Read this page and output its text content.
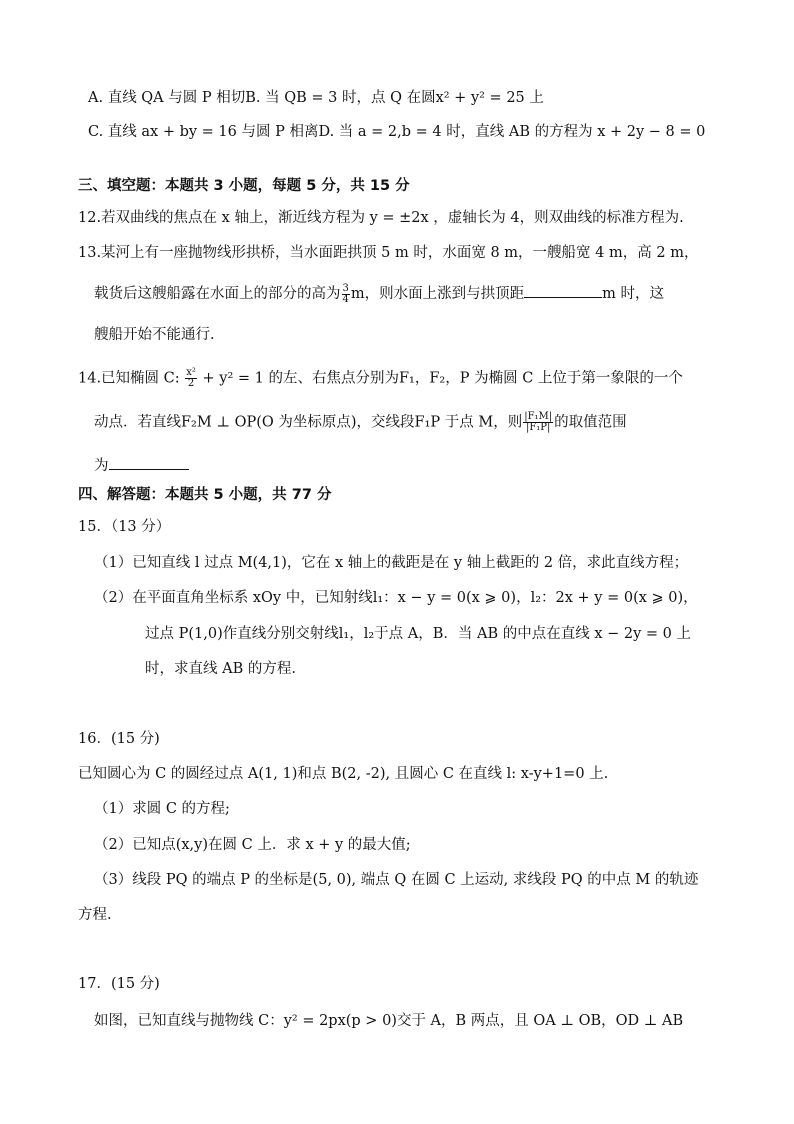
A. 直线 QA 与圆 P 相切B. 当 QB = 3 时，点 Q 在圆x² + y² = 25 上
C. 直线 ax + by = 16 与圆 P 相离D. 当 a = 2,b = 4 时，直线 AB 的方程为 x + 2y − 8 = 0
三、填空题：本题共 3 小题，每题 5 分，共 15 分
12.若双曲线的焦点在 x 轴上，渐近线方程为 y = ±2x ，虚轴长为 4，则双曲线的标准方程为.
13.某河上有一座抛物线形拱桥，当水面距拱顶 5 m 时，水面宽 8 m，一艘船宽 4 m，高 2 m，
载货后这艘船露在水面上的部分的高为 $\frac{3}{4}$ m，则水面上涨到与拱顶距	m 时，这
艘船开始不能通行.
14.已知椭圆 C: $\frac{\text{x²}}{2} + y^2 = 1$ 的左、右焦点分别为F₁，F₂，P 为椭圆 C 上位于第一象限的一个
动点．若直线F₂M ⊥ OP(O 为坐标原点)，交线段F₁P 于点 M，则 $\frac{\text{|F₁M|}}{\text{|F₁P|}}$ 的取值范围
为
四、解答题：本题共 5 小题，共 77 分
15．（13 分）
（1）已知直线 l 过点 M(4,1)，它在 x 轴上的截距是在 y 轴上截距的 2 倍，求此直线方程；
（2）在平面直角坐标系 xOy 中，已知射线l₁：x − y = 0(x ⩾ 0)，l₂：2x + y = 0(x ⩾ 0)，
过点 P(1,0)作直线分别交射线l₁，l₂于点 A，B．当 AB 的中点在直线 x − 2y = 0 上
时，求直线 AB 的方程.
16．(15 分)
已知圆心为 C 的圆经过点 A(1, 1)和点 B(2, -2), 且圆心 C 在直线 l: x-y+1=0 上.
（1）求圆 C 的方程;
（2）已知点(x,y)在圆 C 上．求 x + y 的最大值;
（3）线段 PQ 的端点 P 的坐标是(5, 0), 端点 Q 在圆 C 上运动, 求线段 PQ 的中点 M 的轨迹
方程.
17．(15 分)
如图，已知直线与抛物线 C：y² = 2px(p > 0)交于 A，B 两点，且 OA ⊥ OB，OD ⊥ AB
